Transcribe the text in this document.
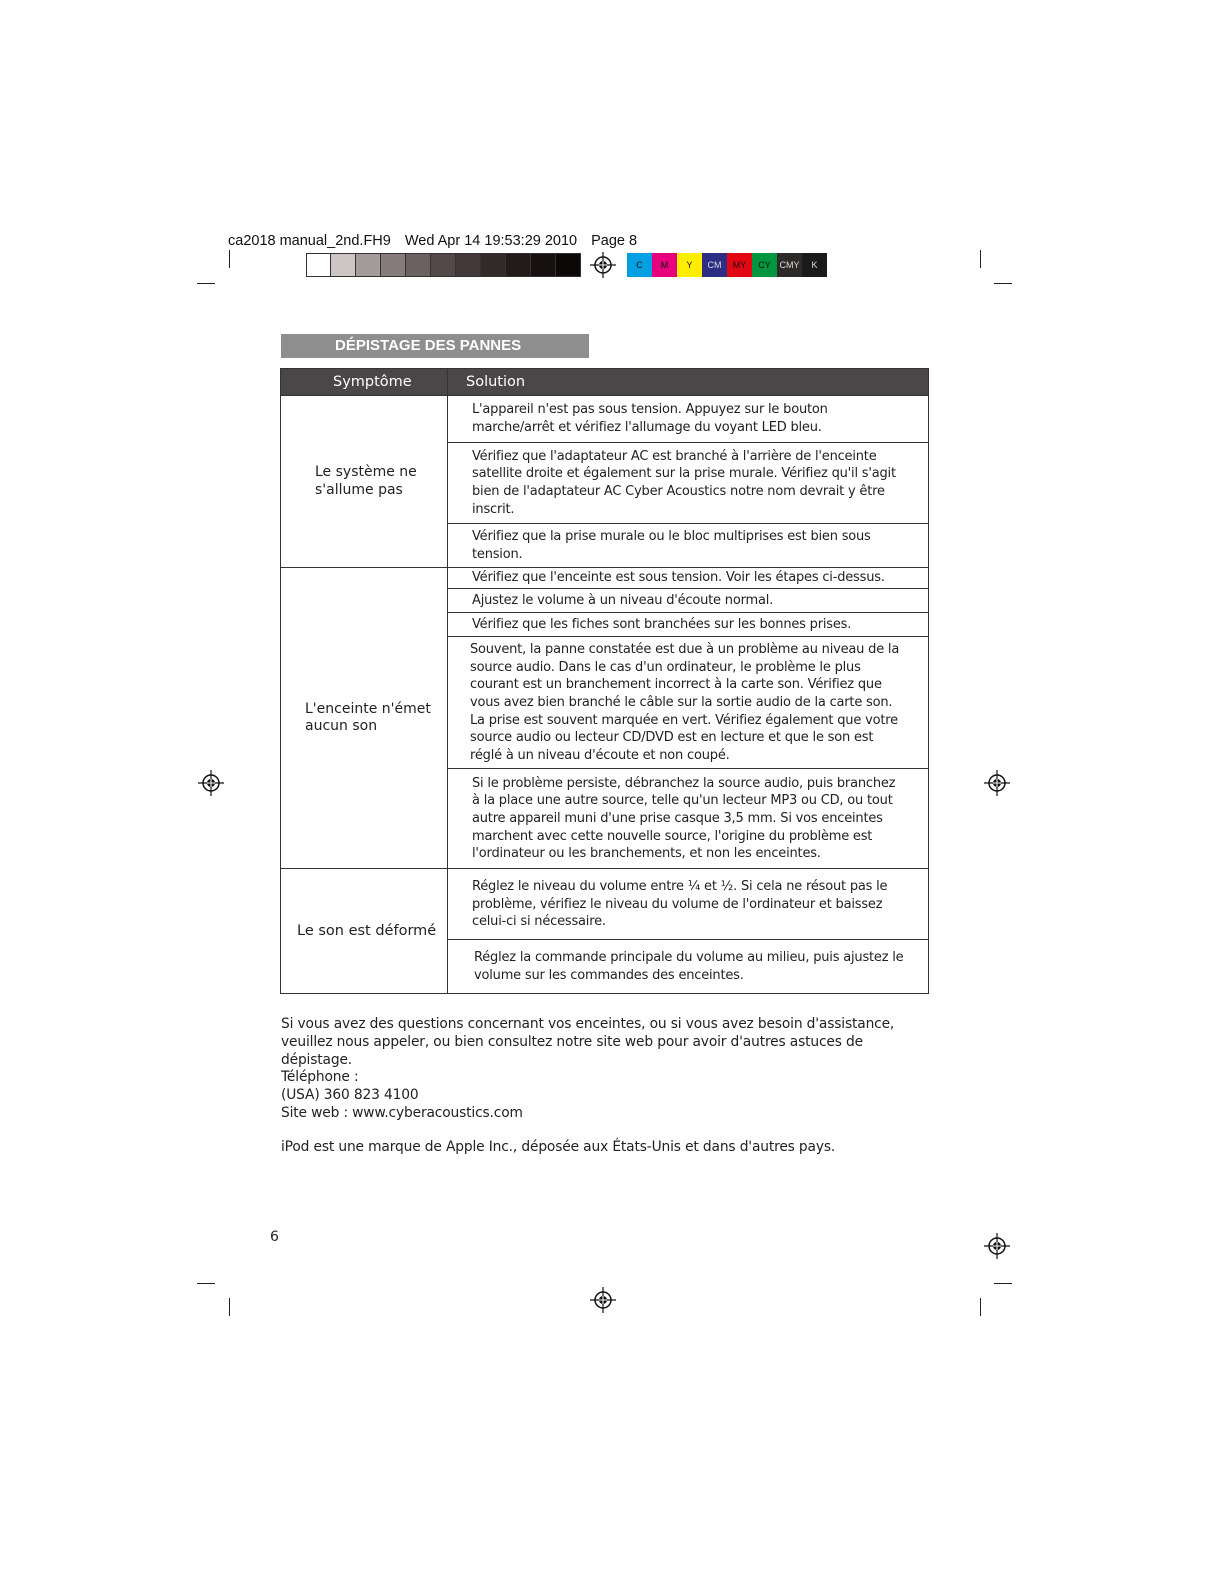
ca2018 manual_2nd.FH9 Wed Apr 14 19:53:29 2010 Page 8
C	M	Y	CM	MY	CY CMY	K
DÉPISTAGE DES PANNES
Symptôme	Solution
Le système ne s'allume pas	L'appareil n'est pas sous tension. Appuyez sur le bouton marche/arrêt et vérifiez l'allumage du voyant LED bleu.
	Vérifiez que l'adaptateur AC est branché à l'arrière de l'enceinte satellite droite et également sur la prise murale. Vérifiez qu'il s'agit bien de l'adaptateur AC Cyber Acoustics notre nom devrait y être inscrit.
	Vérifiez que la prise murale ou le bloc multiprises est bien sous tension.
L'enceinte n'émet aucun son	Vérifiez que l'enceinte est sous tension. Voir les étapes ci-dessus.
	Ajustez le volume à un niveau d'écoute normal.
	Vérifiez que les fiches sont branchées sur les bonnes prises.
	Souvent, la panne constatée est due à un problème au niveau de la source audio. Dans le cas d'un ordinateur, le problème le plus courant est un branchement incorrect à la carte son. Vérifiez que vous avez bien branché le câble sur la sortie audio de la carte son. La prise est souvent marquée en vert. Vérifiez également que votre source audio ou lecteur CD/DVD est en lecture et que le son est réglé à un niveau d'écoute et non coupé.
	Si le problème persiste, débranchez la source audio, puis branchez à la place une autre source, telle qu'un lecteur MP3 ou CD, ou tout autre appareil muni d'une prise casque 3,5 mm. Si vos enceintes marchent avec cette nouvelle source, l'origine du problème est l'ordinateur ou les branchements, et non les enceintes.
Le son est déformé	Réglez le niveau du volume entre ¼ et ½. Si cela ne résout pas le problème, vérifiez le niveau du volume de l'ordinateur et baissez celui-ci si nécessaire.
	Réglez la commande principale du volume au milieu, puis ajustez le volume sur les commandes des enceintes.
Si vous avez des questions concernant vos enceintes, ou si vous avez besoin d'assistance, veuillez nous appeler, ou bien consultez notre site web pour avoir d'autres astuces de dépistage.
Téléphone :
(USA) 360 823 4100
Site web : www.cyberacoustics.com
iPod est une marque de Apple Inc., déposée aux États-Unis et dans d'autres pays.
6
